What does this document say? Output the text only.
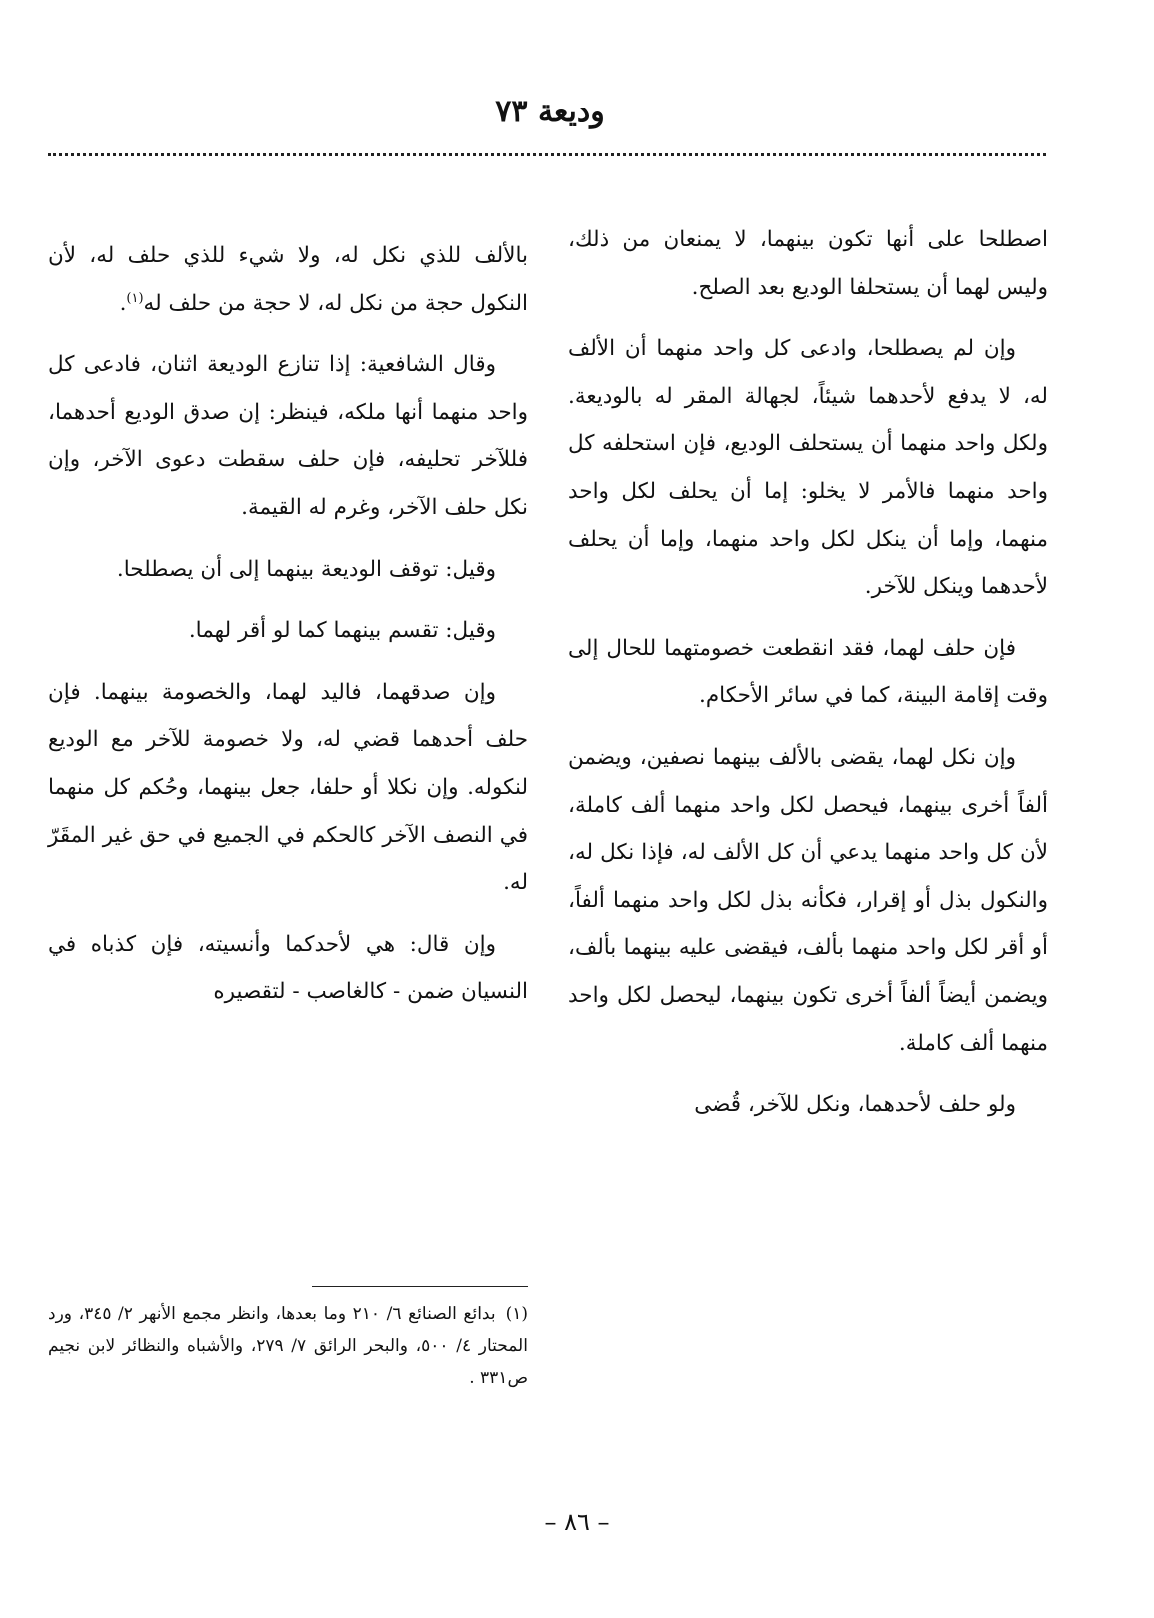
وديعة ٧٣

اصطلحا على أنها تكون بينهما، لا يمنعان من ذلك، وليس لهما أن يستحلفا الوديع بعد الصلح.

وإن لم يصطلحا، وادعى كل واحد منهما أن الألف له، لا يدفع لأحدهما شيئاً، لجهالة المقر له بالوديعة. ولكل واحد منهما أن يستحلف الوديع، فإن استحلفه كل واحد منهما فالأمر لا يخلو: إما أن يحلف لكل واحد منهما، وإما أن ينكل لكل واحد منهما، وإما أن يحلف لأحدهما وينكل للآخر.

فإن حلف لهما، فقد انقطعت خصومتهما للحال إلى وقت إقامة البينة، كما في سائر الأحكام.

وإن نكل لهما، يقضى بالألف بينهما نصفين، ويضمن ألفاً أخرى بينهما، فيحصل لكل واحد منهما ألف كاملة، لأن كل واحد منهما يدعي أن كل الألف له، فإذا نكل له، والنكول بذل أو إقرار، فكأنه بذل لكل واحد منهما ألفاً، أو أقر لكل واحد منهما بألف، فيقضى عليه بينهما بألف، ويضمن أيضاً ألفاً أخرى تكون بينهما، ليحصل لكل واحد منهما ألف كاملة.

ولو حلف لأحدهما، ونكل للآخر، قُضى

بالألف للذي نكل له، ولا شيء للذي حلف له، لأن النكول حجة من نكل له، لا حجة من حلف له$^{(١)}$.

وقال الشافعية: إذا تنازع الوديعة اثنان، فادعى كل واحد منهما أنها ملكه، فينظر: إن صدق الوديع أحدهما، فللآخر تحليفه، فإن حلف سقطت دعوى الآخر، وإن نكل حلف الآخر، وغرم له القيمة.

وقيل: توقف الوديعة بينهما إلى أن يصطلحا.

وقيل: تقسم بينهما كما لو أقر لهما.

وإن صدقهما، فاليد لهما، والخصومة بينهما. فإن حلف أحدهما قضي له، ولا خصومة للآخر مع الوديع لنكوله. وإن نكلا أو حلفا، جعل بينهما، وحُكم كل منهما في النصف الآخر كالحكم في الجميع في حق غير المقَرّ له.

وإن قال: هي لأحدكما وأنسيته، فإن كذباه في النسيان ضمن - كالغاصب - لتقصيره

(١)بدائع الصنائع ٦/ ٢١٠ وما بعدها، وانظر مجمع الأنهر ٢/ ٣٤٥، ورد المحتار ٤/ ٥٠٠، والبحر الرائق ٧/ ٢٧٩، والأشباه والنظائر لابن نجيم ص٣٣١ .
– ٨٦ –
